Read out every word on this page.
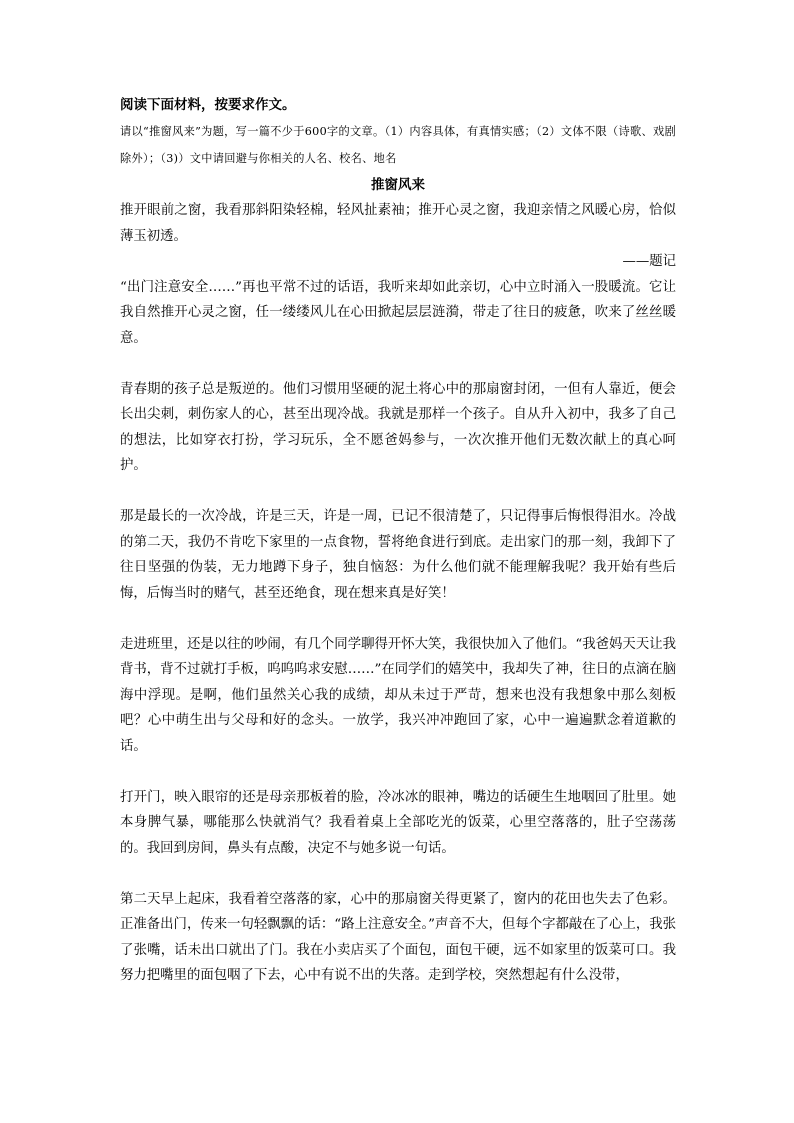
阅读下面材料，按要求作文。
请以“推窗风来”为题，写一篇不少于600字的文章。（1）内容具体，有真情实感；（2）文体不限（诗歌、戏剧除外）；（3)）文中请回避与你相关的人名、校名、地名
推窗风来

推开眼前之窗，我看那斜阳染轻棉，轻风扯素袖；推开心灵之窗，我迎亲情之风暖心房，恰似薄玉初透。

——题记

“出门注意安全……”再也平常不过的话语，我听来却如此亲切，心中立时涌入一股暖流。它让我自然推开心灵之窗，任一缕缕风儿在心田掀起层层涟漪，带走了往日的疲惫，吹来了丝丝暖意。

青春期的孩子总是叛逆的。他们习惯用坚硬的泥土将心中的那扇窗封闭，一但有人靠近，便会长出尖刺，刺伤家人的心，甚至出现冷战。我就是那样一个孩子。自从升入初中，我多了自己的想法，比如穿衣打扮，学习玩乐，全不愿爸妈参与，一次次推开他们无数次献上的真心呵护。

那是最长的一次冷战，许是三天，许是一周，已记不很清楚了，只记得事后悔恨得泪水。冷战的第二天，我仍不肯吃下家里的一点食物，誓将绝食进行到底。走出家门的那一刻，我卸下了往日坚强的伪装，无力地蹲下身子，独自恼怒：为什么他们就不能理解我呢？我开始有些后悔，后悔当时的赌气，甚至还绝食，现在想来真是好笑！

走进班里，还是以往的吵闹，有几个同学聊得开怀大笑，我很快加入了他们。“我爸妈天天让我背书，背不过就打手板，呜呜呜求安慰……”在同学们的嬉笑中，我却失了神，往日的点滴在脑海中浮现。是啊，他们虽然关心我的成绩，却从未过于严苛，想来也没有我想象中那么刻板吧？心中萌生出与父母和好的念头。一放学，我兴冲冲跑回了家，心中一遍遍默念着道歉的话。

打开门，映入眼帘的还是母亲那板着的脸，冷冰冰的眼神，嘴边的话硬生生地咽回了肚里。她本身脾气暴，哪能那么快就消气？我看着桌上全部吃光的饭菜，心里空落落的，肚子空荡荡的。我回到房间，鼻头有点酸，决定不与她多说一句话。

第二天早上起床，我看着空落落的家，心中的那扇窗关得更紧了，窗内的花田也失去了色彩。正准备出门，传来一句轻飘飘的话：“路上注意安全。”声音不大，但每个字都敲在了心上，我张了张嘴，话未出口就出了门。我在小卖店买了个面包，面包干硬，远不如家里的饭菜可口。我努力把嘴里的面包咽了下去，心中有说不出的失落。走到学校，突然想起有什么没带，
